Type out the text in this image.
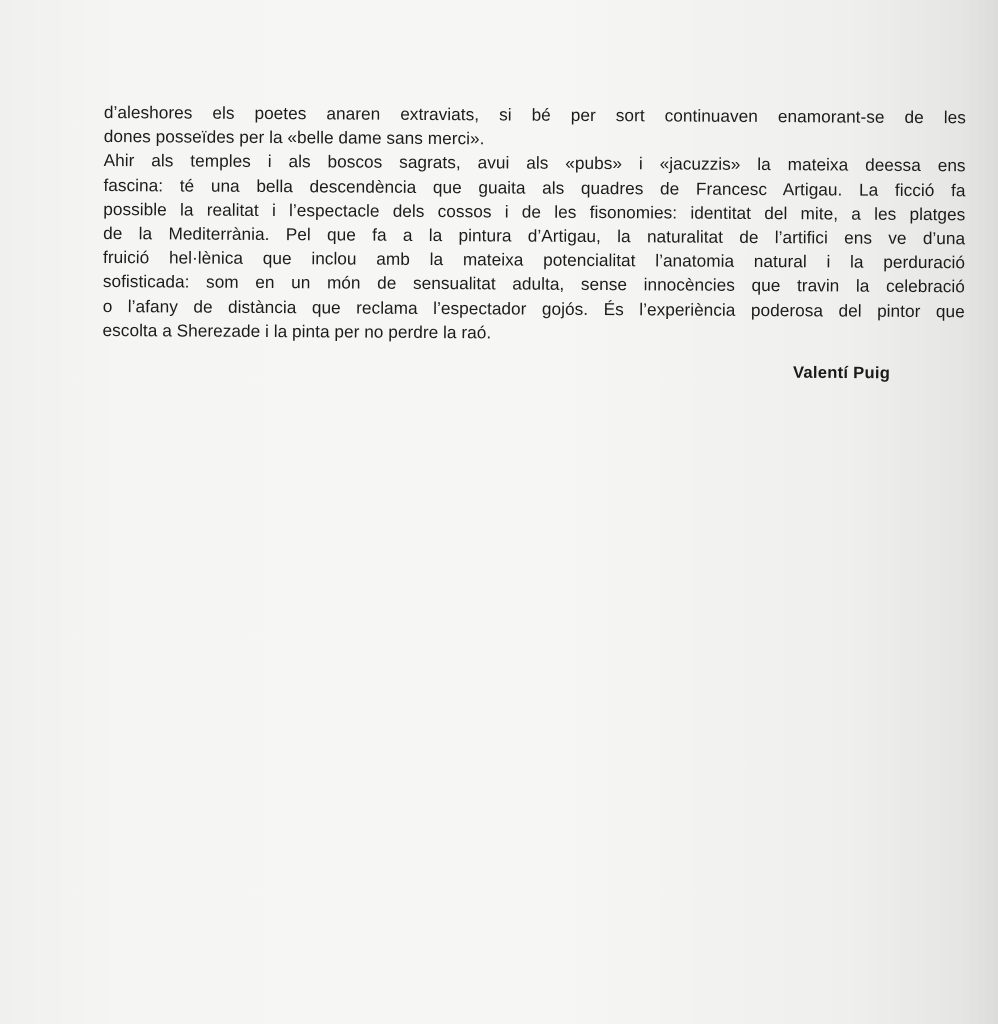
d’aleshores els poetes anaren extraviats, si bé per sort continuaven enamorant-se de les
dones posseïdes per la «belle dame sans merci».
Ahir als temples i als boscos sagrats, avui als «pubs» i «jacuzzis» la mateixa deessa ens
fascina: té una bella descendència que guaita als quadres de Francesc Artigau. La ficció fa
possible la realitat i l’espectacle dels cossos i de les fisonomies: identitat del mite, a les platges
de la Mediterrània. Pel que fa a la pintura d’Artigau, la naturalitat de l’artifici ens ve d’una
fruició hel·lènica que inclou amb la mateixa potencialitat l’anatomia natural i la perduració
sofisticada: som en un món de sensualitat adulta, sense innocències que travin la celebració
o l’afany de distància que reclama l’espectador gojós. És l’experiència poderosa del pintor que
escolta a Sherezade i la pinta per no perdre la raó.
Valentí Puig
